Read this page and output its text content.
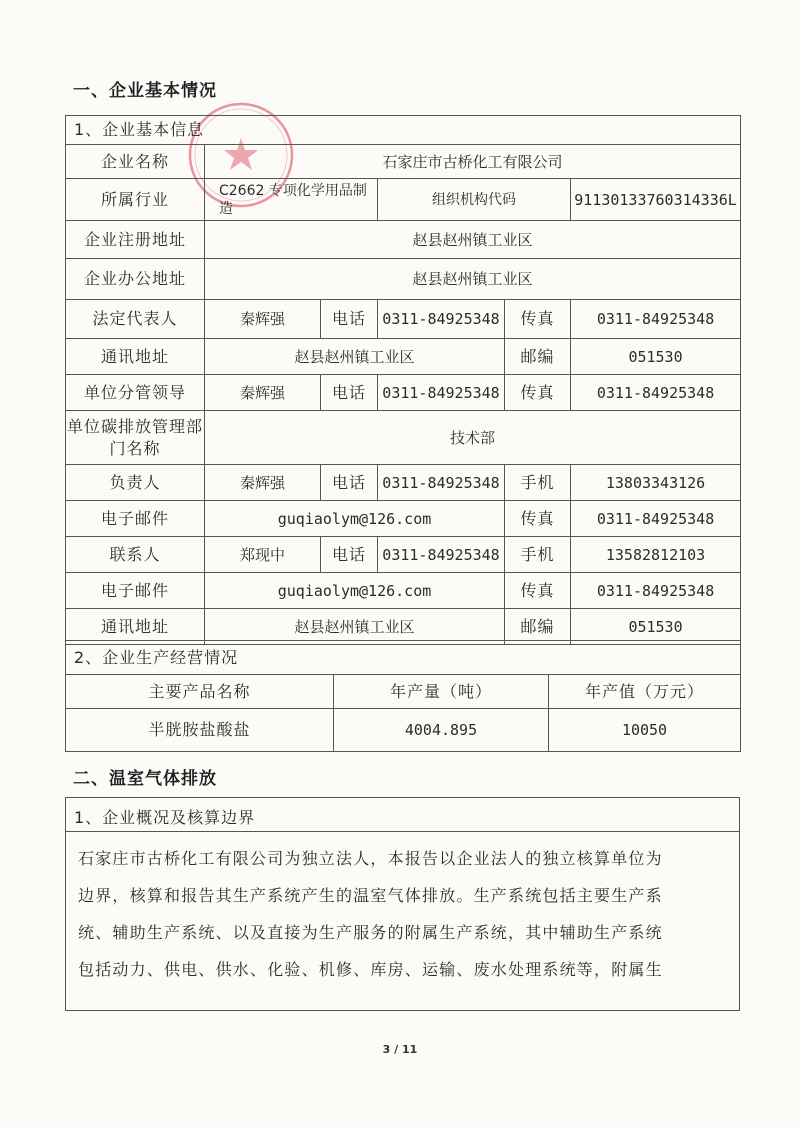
一、企业基本情况
1、企业基本信息					
企业名称	石家庄市古桥化工有限公司				
所属行业	C2662 专项化学用品制造		组织机构代码		91130133760314336L
企业注册地址	赵县赵州镇工业区				
企业办公地址	赵县赵州镇工业区				
法定代表人	秦辉强	电话	0311-84925348	传真	0311-84925348
通讯地址	赵县赵州镇工业区			邮编	051530
单位分管领导	秦辉强	电话	0311-84925348	传真	0311-84925348
单位碳排放管理部门名称	技术部				
负责人	秦辉强	电话	0311-84925348	手机	13803343126
电子邮件	guqiaolym@126.com			传真	0311-84925348
联系人	郑现中	电话	0311-84925348	手机	13582812103
电子邮件	guqiaolym@126.com			传真	0311-84925348
通讯地址	赵县赵州镇工业区			邮编	051530
2、企业生产经营情况		
主要产品名称	年产量（吨）	年产值（万元）
半胱胺盐酸盐	4004.895	10050
二、温室气体排放
1、企业概况及核算边界
石家庄市古桥化工有限公司为独立法人，本报告以企业法人的独立核算单位为
边界，核算和报告其生产系统产生的温室气体排放。生产系统包括主要生产系
统、辅助生产系统、以及直接为生产服务的附属生产系统，其中辅助生产系统
包括动力、供电、供水、化验、机修、库房、运输、废水处理系统等，附属生
3 / 11
